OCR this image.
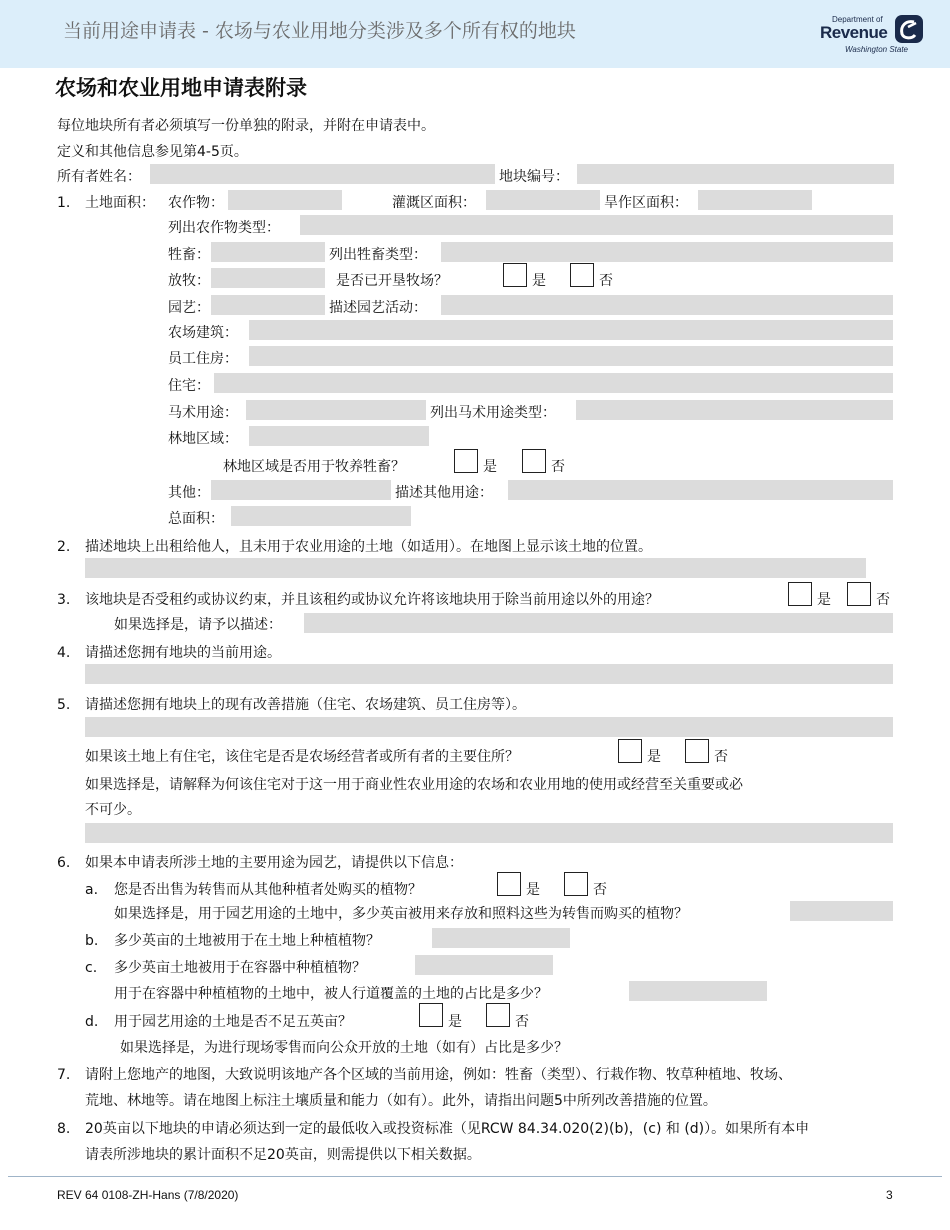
当前用途申请表 - 农场与农业用地分类涉及多个所有权的地块
Department of
Revenue
Washington State
农场和农业用地申请表附录
每位地块所有者必须填写一份单独的附录，并附在申请表中。
定义和其他信息参见第4-5页。
所有者姓名：	地块编号：
1. 土地面积： 农作物：	灌溉区面积：	旱作区面积：
列出农作物类型：
牲畜：	列出牲畜类型：
放牧：	是否已开垦牧场？	是	否
园艺：	描述园艺活动：
农场建筑：
员工住房：
住宅：
马术用途：	列出马术用途类型：
林地区域：
林地区域是否用于牧养牲畜？	是	否
其他：	描述其他用途：
总面积：
2. 描述地块上出租给他人，且未用于农业用途的土地（如适用）。在地图上显示该土地的位置。
3. 该地块是否受租约或协议约束，并且该租约或协议允许将该地块用于除当前用途以外的用途？	是	否
如果选择是，请予以描述：
4. 请描述您拥有地块的当前用途。
5. 请描述您拥有地块上的现有改善措施（住宅、农场建筑、员工住房等）。
如果该土地上有住宅，该住宅是否是农场经营者或所有者的主要住所？	是	否
如果选择是，请解释为何该住宅对于这一用于商业性农业用途的农场和农业用地的使用或经营至关重要或必
不可少。
6. 如果本申请表所涉土地的主要用途为园艺，请提供以下信息：
a. 您是否出售为转售而从其他种植者处购买的植物？	是	否
如果选择是，用于园艺用途的土地中，多少英亩被用来存放和照料这些为转售而购买的植物？
b. 多少英亩的土地被用于在土地上种植植物？
c. 多少英亩土地被用于在容器中种植植物？
用于在容器中种植植物的土地中，被人行道覆盖的土地的占比是多少？
d. 用于园艺用途的土地是否不足五英亩？	是	否
如果选择是，为进行现场零售而向公众开放的土地（如有）占比是多少？
7. 请附上您地产的地图，大致说明该地产各个区域的当前用途，例如：牲畜（类型）、行栽作物、牧草种植地、牧场、
荒地、林地等。请在地图上标注土壤质量和能力（如有）。此外，请指出问题5中所列改善措施的位置。
8. 20英亩以下地块的申请必须达到一定的最低收入或投资标准（见RCW 84.34.020(2)(b)，(c) 和 (d)）。如果所有本申
请表所涉地块的累计面积不足20英亩，则需提供以下相关数据。
REV 64 0108-ZH-Hans (7/8/2020)	3
